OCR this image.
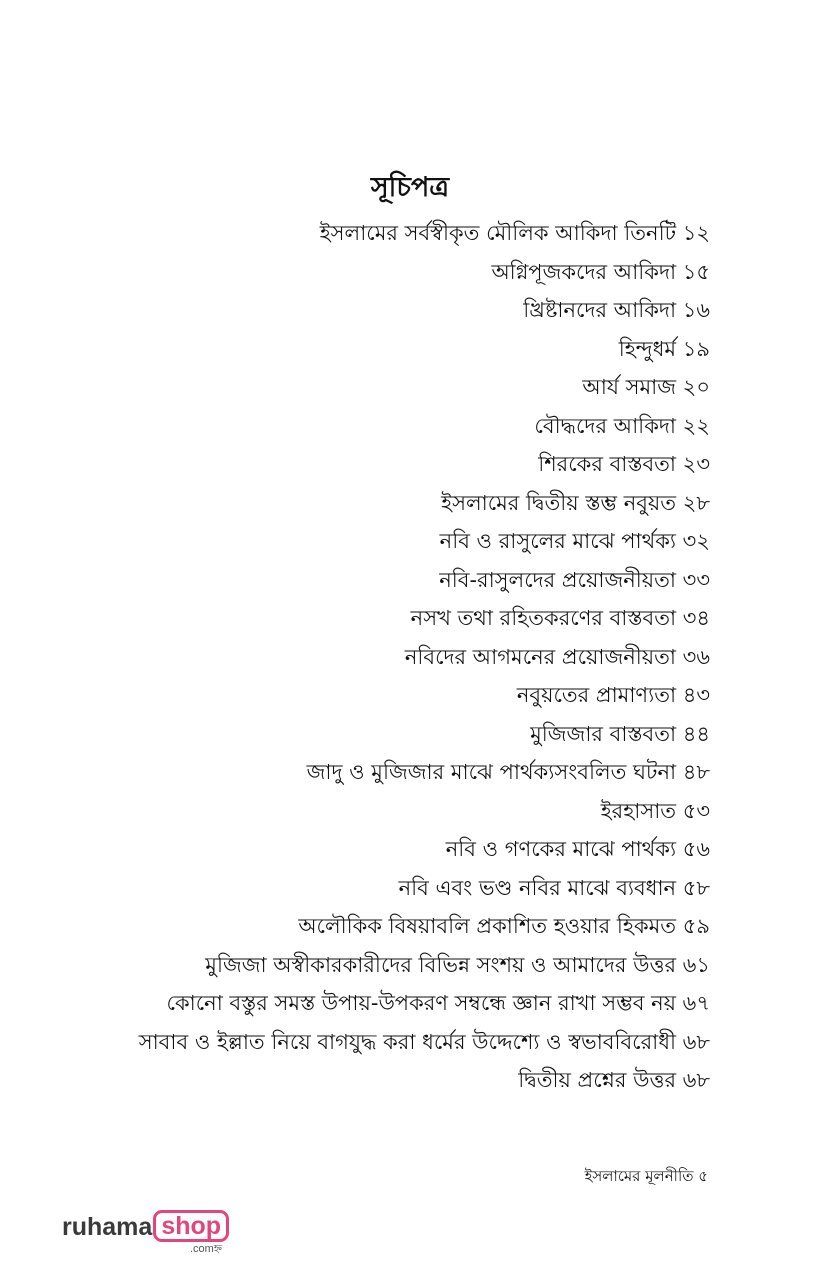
সূচিপত্র
ইসলামের সর্বস্বীকৃত মৌলিক আকিদা তিনটি ১২
অগ্নিপূজকদের আকিদা ১৫
খ্রিষ্টানদের আকিদা ১৬
হিন্দুধর্ম ১৯
আর্য সমাজ ২০
বৌদ্ধদের আকিদা ২২
শিরকের বাস্তবতা ২৩
ইসলামের দ্বিতীয় স্তম্ভ নবুয়ত ২৮
নবি ও রাসুলের মাঝে পার্থক্য ৩২
নবি-রাসুলদের প্রয়োজনীয়তা ৩৩
নসখ তথা রহিতকরণের বাস্তবতা ৩৪
নবিদের আগমনের প্রয়োজনীয়তা ৩৬
নবুয়তের প্রামাণ্যতা ৪৩
মুজিজার বাস্তবতা ৪৪
জাদু ও মুজিজার মাঝে পার্থক্যসংবলিত ঘটনা ৪৮
ইরহাসাত ৫৩
নবি ও গণকের মাঝে পার্থক্য ৫৬
নবি এবং ভণ্ড নবির মাঝে ব্যবধান ৫৮
অলৌকিক বিষয়াবলি প্রকাশিত হওয়ার হিকমত ৫৯
মুজিজা অস্বীকারকারীদের বিভিন্ন সংশয় ও আমাদের উত্তর ৬১
কোনো বস্তুর সমস্ত উপায়-উপকরণ সম্বন্ধে জ্ঞান রাখা সম্ভব নয় ৬৭
সাবাব ও ইল্লাত নিয়ে বাগযুদ্ধ করা ধর্মের উদ্দেশ্যে ও স্বভাববিরোধী ৬৮
দ্বিতীয় প্রশ্নের উত্তর ৬৮
ইসলামের মূলনীতি ৫
ruhama shop
.comহ্ন
